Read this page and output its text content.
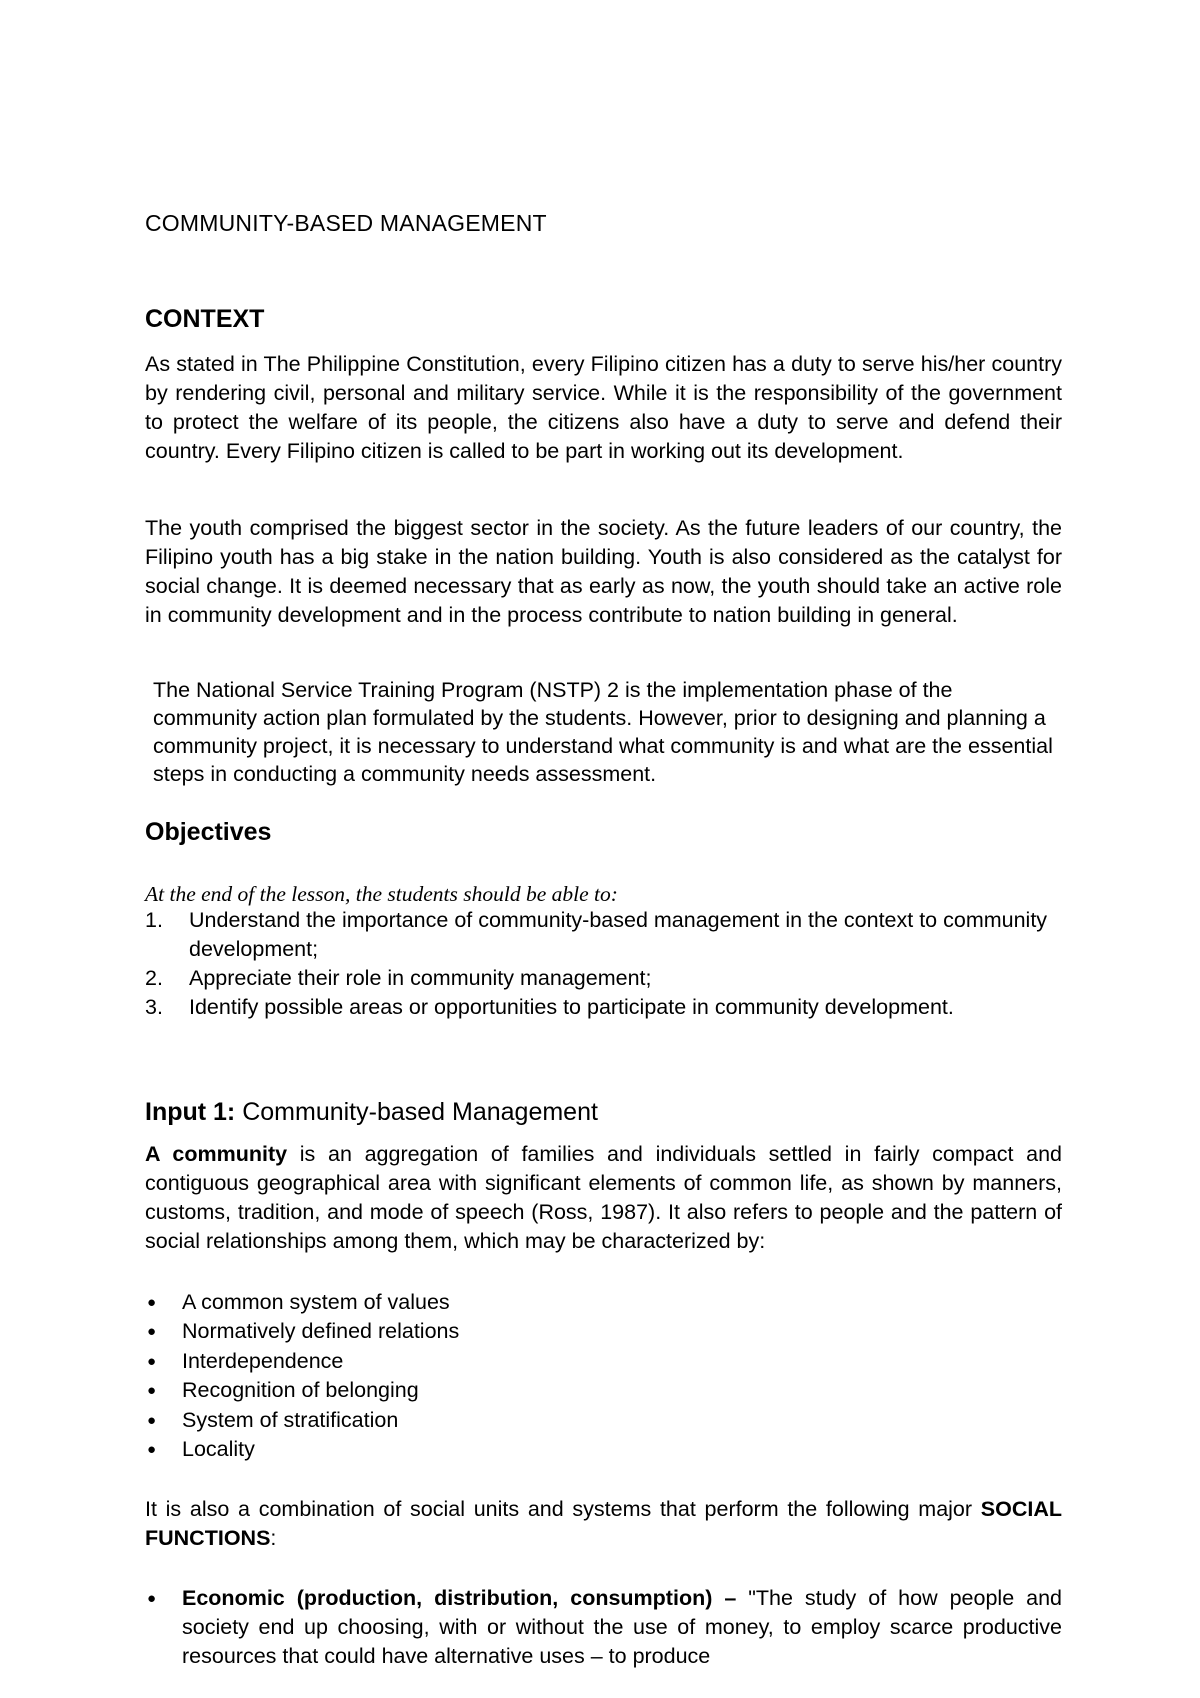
COMMUNITY-BASED MANAGEMENT
CONTEXT

As stated in The Philippine Constitution, every Filipino citizen has a duty to serve his/her country by rendering civil, personal and military service. While it is the responsibility of the government to protect the welfare of its people, the citizens also have a duty to serve and defend their country. Every Filipino citizen is called to be part in working out its development.

The youth comprised the biggest sector in the society. As the future leaders of our country, the Filipino youth has a big stake in the nation building. Youth is also considered as the catalyst for social change. It is deemed necessary that as early as now, the youth should take an active role in community development and in the process contribute to nation building in general.

The National Service Training Program (NSTP) 2 is the implementation phase of the community action plan formulated by the students. However, prior to designing and planning a community project, it is necessary to understand what community is and what are the essential steps in conducting a community needs assessment.

Objectives

At the end of the lesson, the students should be able to:

1. Understand the importance of community-based management in the context to community development;
2. Appreciate their role in community management;
3. Identify possible areas or opportunities to participate in community development.
Input 1: Community-based Management

A community is an aggregation of families and individuals settled in fairly compact and contiguous geographical area with significant elements of common life, as shown by manners, customs, tradition, and mode of speech (Ross, 1987). It also refers to people and the pattern of social relationships among them, which may be characterized by:

● A common system of values
● Normatively defined relations
● Interdependence
● Recognition of belonging
● System of stratification
● Locality

It is also a combination of social units and systems that perform the following major SOCIAL FUNCTIONS:

● Economic (production, distribution, consumption) – "The study of how people and society end up choosing, with or without the use of money, to employ scarce productive resources that could have alternative uses – to produce
